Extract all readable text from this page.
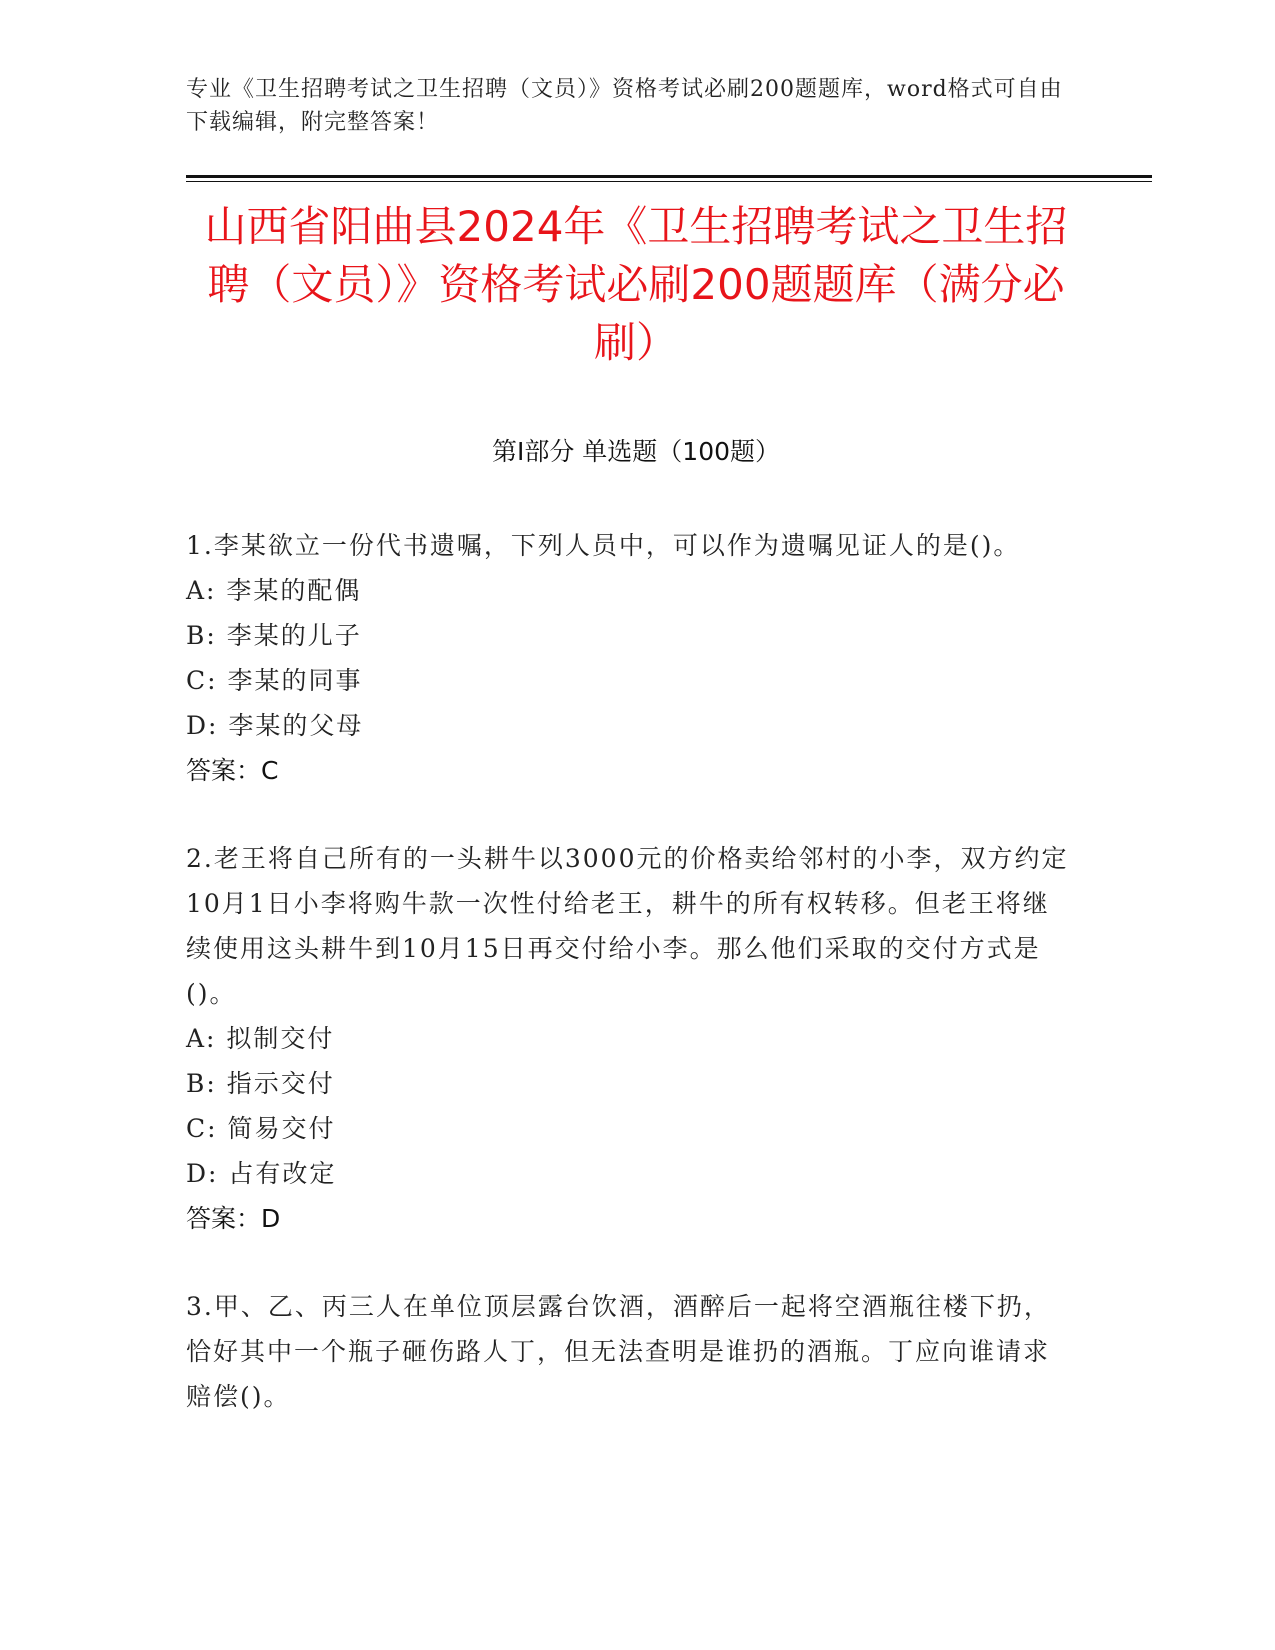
专业《卫生招聘考试之卫生招聘（文员）》资格考试必刷200题题库，word格式可自由下载编辑，附完整答案！
山西省阳曲县2024年《卫生招聘考试之卫生招聘（文员）》资格考试必刷200题题库（满分必刷）
第I部分 单选题（100题）
1.李某欲立一份代书遗嘱，下列人员中，可以作为遗嘱见证人的是()。
A: 李某的配偶
B: 李某的儿子
C: 李某的同事
D: 李某的父母
答案：C
2.老王将自己所有的一头耕牛以3000元的价格卖给邻村的小李，双方约定10月1日小李将购牛款一次性付给老王，耕牛的所有权转移。但老王将继续使用这头耕牛到10月15日再交付给小李。那么他们采取的交付方式是()。
A: 拟制交付
B: 指示交付
C: 简易交付
D: 占有改定
答案：D
3.甲、乙、丙三人在单位顶层露台饮酒，酒醉后一起将空酒瓶往楼下扔，恰好其中一个瓶子砸伤路人丁，但无法查明是谁扔的酒瓶。丁应向谁请求赔偿()。
